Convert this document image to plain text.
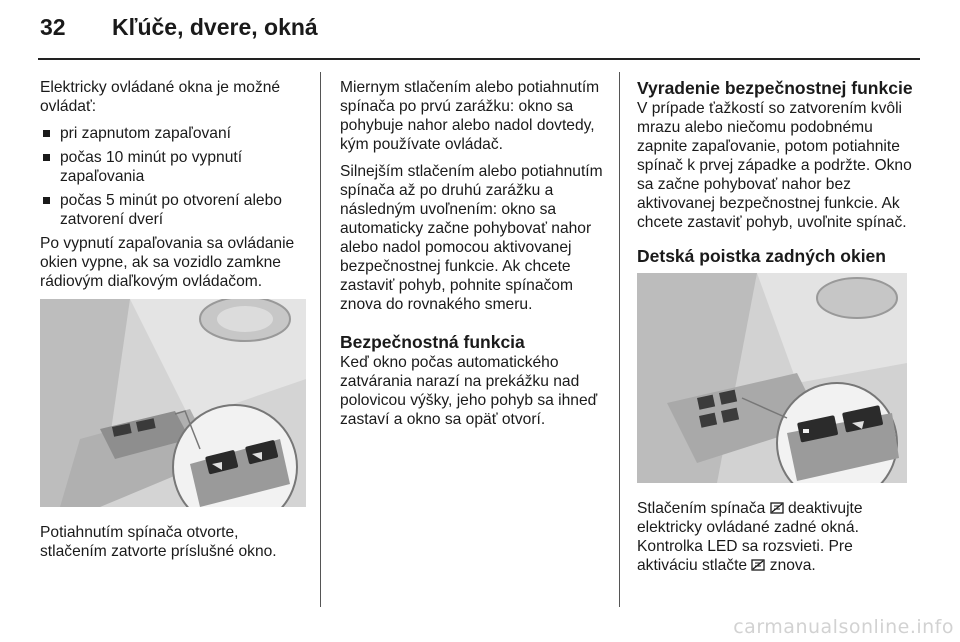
32 Kľúče, dvere, okná

Elektricky ovládané okna je možné ovládať:

pri zapnutom zapaľovaní
počas 10 minút po vypnutí zapaľovania
počas 5 minút po otvorení alebo zatvorení dverí

Po vypnutí zapaľovania sa ovládanie okien vypne, ak sa vozidlo zamkne rádiovým diaľkovým ovládačom.

Potiahnutím spínača otvorte, stlačením zatvorte príslušné okno.

Miernym stlačením alebo potiahnutím spínača po prvú zarážku: okno sa pohybuje nahor alebo nadol dovtedy, kým používate ovládač.

Silnejším stlačením alebo potiahnutím spínača až po druhú zarážku a následným uvoľnením: okno sa automaticky začne pohybovať nahor alebo nadol pomocou aktivovanej bezpečnostnej funkcie. Ak chcete zastaviť pohyb, pohnite spínačom znova do rovnakého smeru.

Bezpečnostná funkcia

Keď okno počas automatického zatvárania narazí na prekážku nad polovicou výšky, jeho pohyb sa ihneď zastaví a okno sa opäť otvorí.

Vyradenie bezpečnostnej funkcie

V prípade ťažkostí so zatvorením kvôli mrazu alebo niečomu podobnému zapnite zapaľovanie, potom potiahnite spínač k prvej západke a podržte. Okno sa začne pohybovať nahor bez aktivovanej bezpečnostnej funkcie. Ak chcete zastaviť pohyb, uvoľnite spínač.

Detská poistka zadných okien

Stlačením spínača deaktivujte elektricky ovládané zadné okná. Kontrolka LED sa rozsvieti. Pre aktiváciu stlačte znova.

carmanualsonline.info
